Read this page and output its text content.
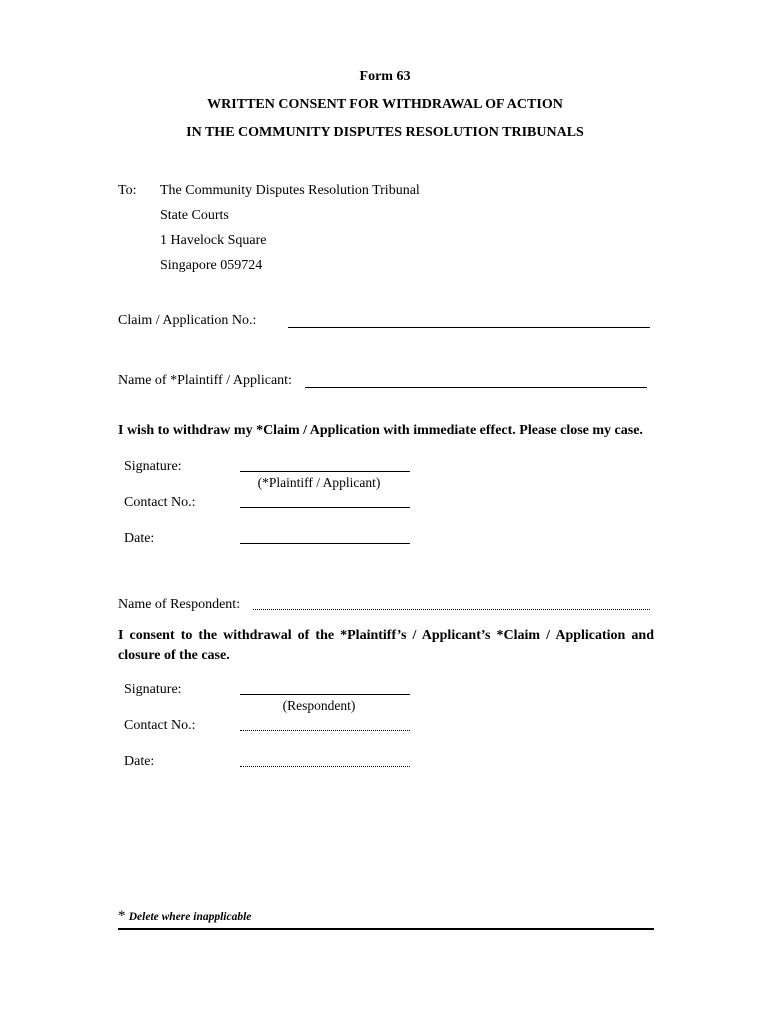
Form 63
WRITTEN CONSENT FOR WITHDRAWAL OF ACTION
IN THE COMMUNITY DISPUTES RESOLUTION TRIBUNALS
To: The Community Disputes Resolution Tribunal
State Courts
1 Havelock Square
Singapore 059724
Claim / Application No.:
Name of *Plaintiff / Applicant:
I wish to withdraw my *Claim / Application with immediate effect. Please close my case.
Signature:
(*Plaintiff / Applicant)
Contact No.:
Date:
Name of Respondent:
I consent to the withdrawal of the *Plaintiff’s / Applicant’s *Claim / Application and closure of the case.
Signature:
(Respondent)
Contact No.:
Date:
* Delete where inapplicable
